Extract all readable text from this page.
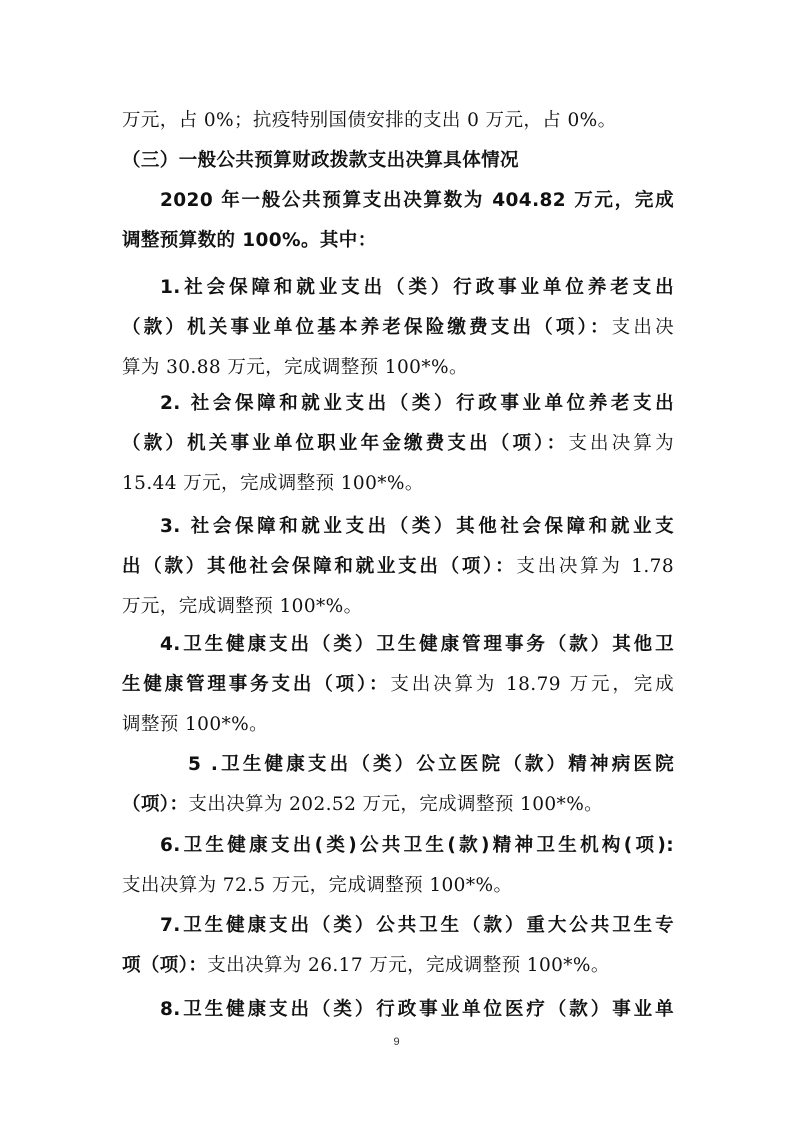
万元，占 0%；抗疫特别国债安排的支出 0 万元，占 0%。
（三）一般公共预算财政拨款支出决算具体情况
2020 年一般公共预算支出决算数为 404.82 万元，完成
调整预算数的 100%。其中：
1.社会保障和就业支出（类）行政事业单位养老支出
（款）机关事业单位基本养老保险缴费支出（项）：支出决
算为 30.88 万元，完成调整预 100*%。
2. 社会保障和就业支出（类）行政事业单位养老支出
（款）机关事业单位职业年金缴费支出（项）：支出决算为
15.44 万元，完成调整预 100*%。
3. 社会保障和就业支出（类）其他社会保障和就业支
出（款）其他社会保障和就业支出（项）：支出决算为 1.78
万元，完成调整预 100*%。
4.卫生健康支出（类）卫生健康管理事务（款）其他卫
生健康管理事务支出（项）：支出决算为 18.79 万元，完成
调整预 100*%。
5 .卫生健康支出（类）公立医院（款）精神病医院
（项）：支出决算为 202.52 万元，完成调整预 100*%。
6.卫生健康支出(类)公共卫生(款)精神卫生机构(项):
支出决算为 72.5 万元，完成调整预 100*%。
7.卫生健康支出（类）公共卫生（款）重大公共卫生专
项（项）：支出决算为 26.17 万元，完成调整预 100*%。
8.卫生健康支出（类）行政事业单位医疗（款）事业单
9
